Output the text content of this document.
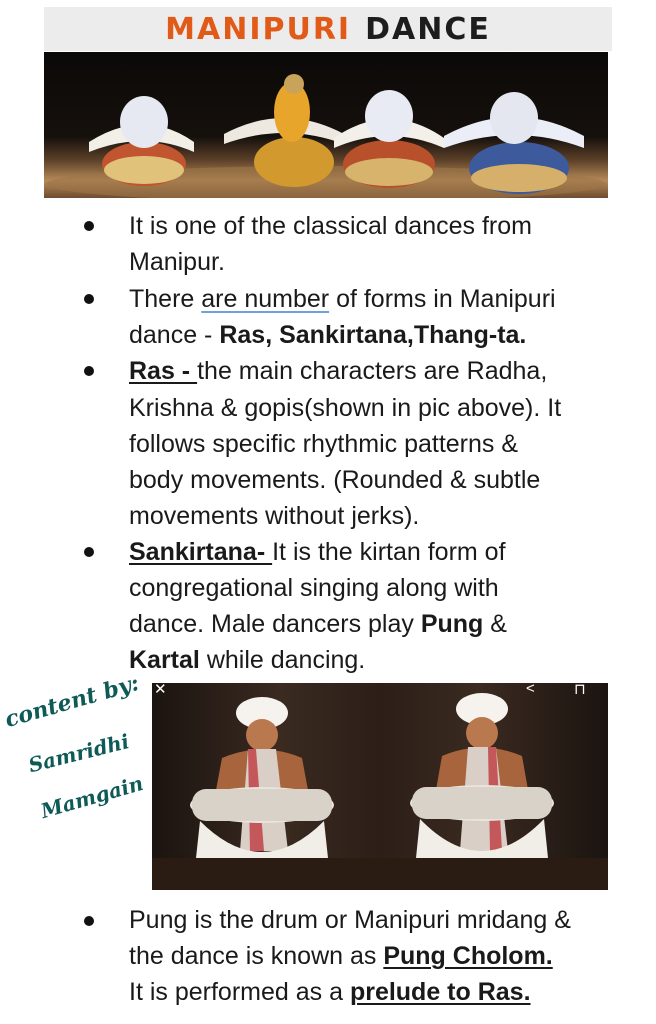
MANIPURI DANCE
It is one of the classical dances from
Manipur.
There are number of forms in Manipuri
dance - Ras, Sankirtana,Thang-ta.
Ras - the main characters are Radha,
Krishna & gopis(shown in pic above). It
follows specific rhythmic patterns &
body movements. (Rounded & subtle
movements without jerks).
Sankirtana- It is the kirtan form of
congregational singing along with
dance. Male dancers play Pung &
Kartal while dancing.
Pung is the drum or Manipuri mridang &
the dance is known as Pung Cholom.
It is performed as a prelude to Ras.
✕	<	⊓
content by:
Samridhi
Mamgain
